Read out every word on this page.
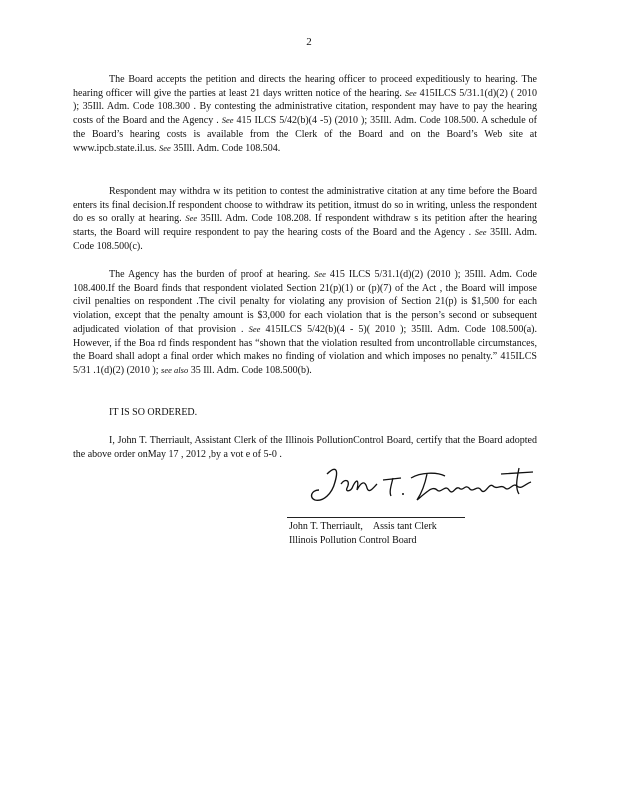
2

The Board accepts the petition and directs the hearing officer to proceed expeditiously to hearing. The hearing officer will give the parties at least 21 days written notice of the hearing. See 415ILCS 5/31.1(d)(2) ( 2010 ); 35Ill. Adm. Code 108.300 . By contesting the administrative citation, respondent may have to pay the hearing costs of the Board and the Agency . See 415 ILCS 5/42(b)(4 -5) (2010 ); 35Ill. Adm. Code 108.500. A schedule of the Board’s hearing costs is available from the Clerk of the Board and on the Board’s Web site at www.ipcb.state.il.us. See 35Ill. Adm. Code 108.504.

Respondent may withdra w its petition to contest the administrative citation at any time before the Board enters its final decision.If respondent choose to withdraw its petition, itmust do so in writing, unless the respondent do es so orally at hearing. See 35Ill. Adm. Code 108.208. If respondent withdraw s its petition after the hearing starts, the Board will require respondent to pay the hearing costs of the Board and the Agency . See 35Ill. Adm. Code 108.500(c).

The Agency has the burden of proof at hearing. See 415 ILCS 5/31.1(d)(2) (2010 ); 35Ill. Adm. Code 108.400.If the Board finds that respondent violated Section 21(p)(1) or (p)(7) of the Act , the Board will impose civil penalties on respondent .The civil penalty for violating any provision of Section 21(p) is $1,500 for each violation, except that the penalty amount is $3,000 for each violation that is the person’s second or subsequent adjudicated violation of that provision . See 415ILCS 5/42(b)(4 - 5)( 2010 ); 35Ill. Adm. Code 108.500(a). However, if the Boa rd finds respondent has “shown that the violation resulted from uncontrollable circumstances, the Board shall adopt a final order which makes no finding of violation and which imposes no penalty.” 415ILCS 5/31 .1(d)(2) (2010 ); see also 35 Ill. Adm. Code 108.500(b).

IT IS SO ORDERED.

I, John T. Therriault, Assistant Clerk of the Illinois PollutionControl Board, certify that the Board adopted the above order onMay 17 , 2012 ,by a vot e of 5-0 .

John T. Therriault, Assis tant Clerk
Illinois Pollution Control Board
